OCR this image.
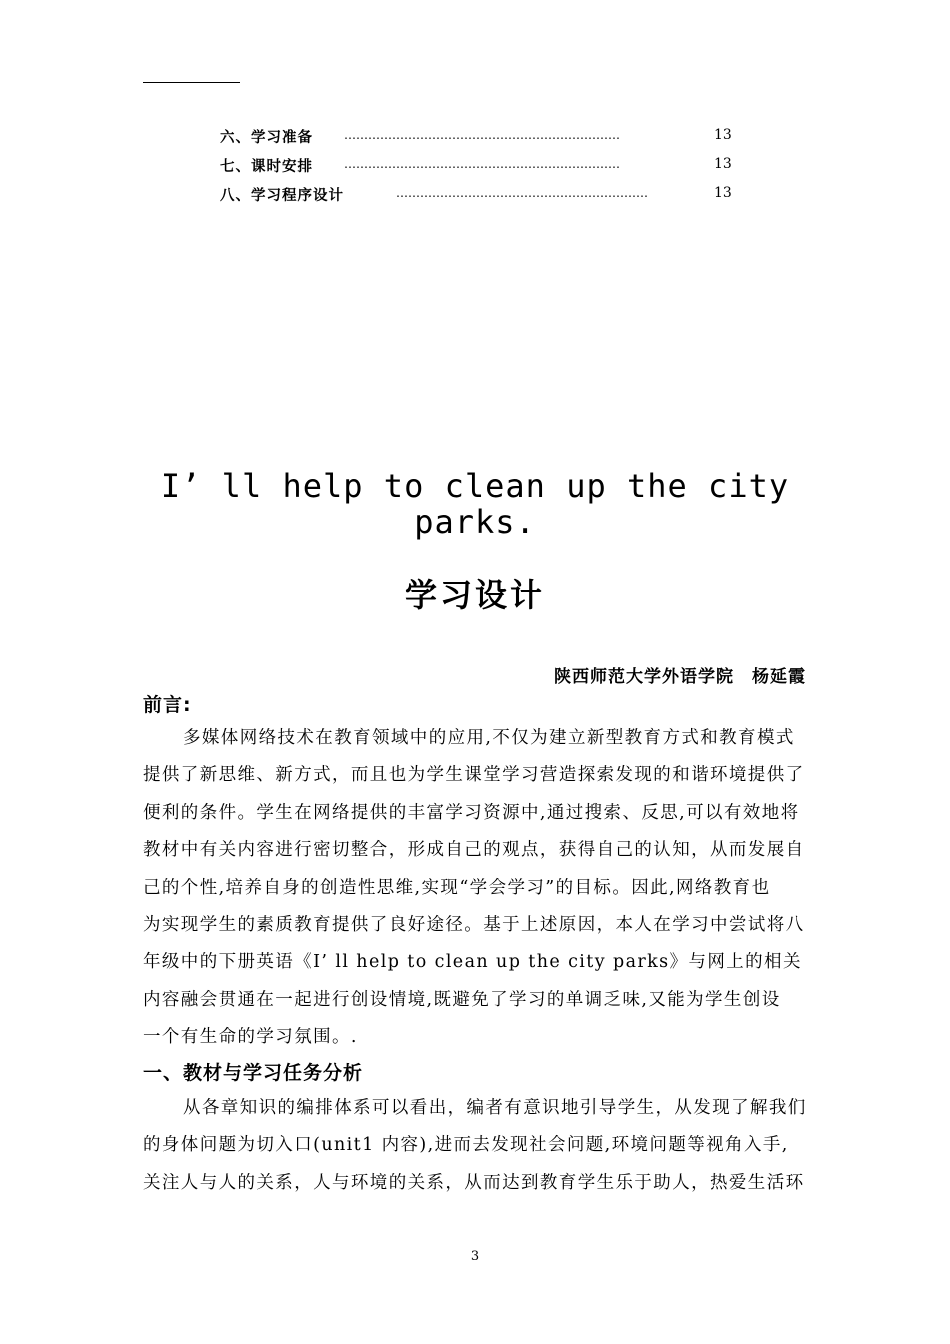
六、学习准备	……………………………………………………………	13
七、课时安排	……………………………………………………………	13
八、学习程序设计	………………………………………………………	13
I’ ll help to clean up the city
parks.
学习设计
陕西师范大学外语学院　杨延霞
前言:
多媒体网络技术在教育领域中的应用,不仅为建立新型教育方式和教育模式
提供了新思维、新方式，而且也为学生课堂学习营造探索发现的和谐环境提供了
便利的条件。学生在网络提供的丰富学习资源中,通过搜索、反思,可以有效地将
教材中有关内容进行密切整合，形成自己的观点，获得自己的认知，从而发展自
己的个性,培养自身的创造性思维,实现“学会学习”的目标。因此,网络教育也
为实现学生的素质教育提供了良好途径。基于上述原因，本人在学习中尝试将八
年级中的下册英语《I’ ll help to clean up the city parks》与网上的相关
内容融会贯通在一起进行创设情境,既避免了学习的单调乏味,又能为学生创设
一个有生命的学习氛围。.
一、教材与学习任务分析
从各章知识的编排体系可以看出，编者有意识地引导学生，从发现了解我们
的身体问题为切入口(unit1 内容),进而去发现社会问题,环境问题等视角入手,
关注人与人的关系，人与环境的关系，从而达到教育学生乐于助人，热爱生活环
3
